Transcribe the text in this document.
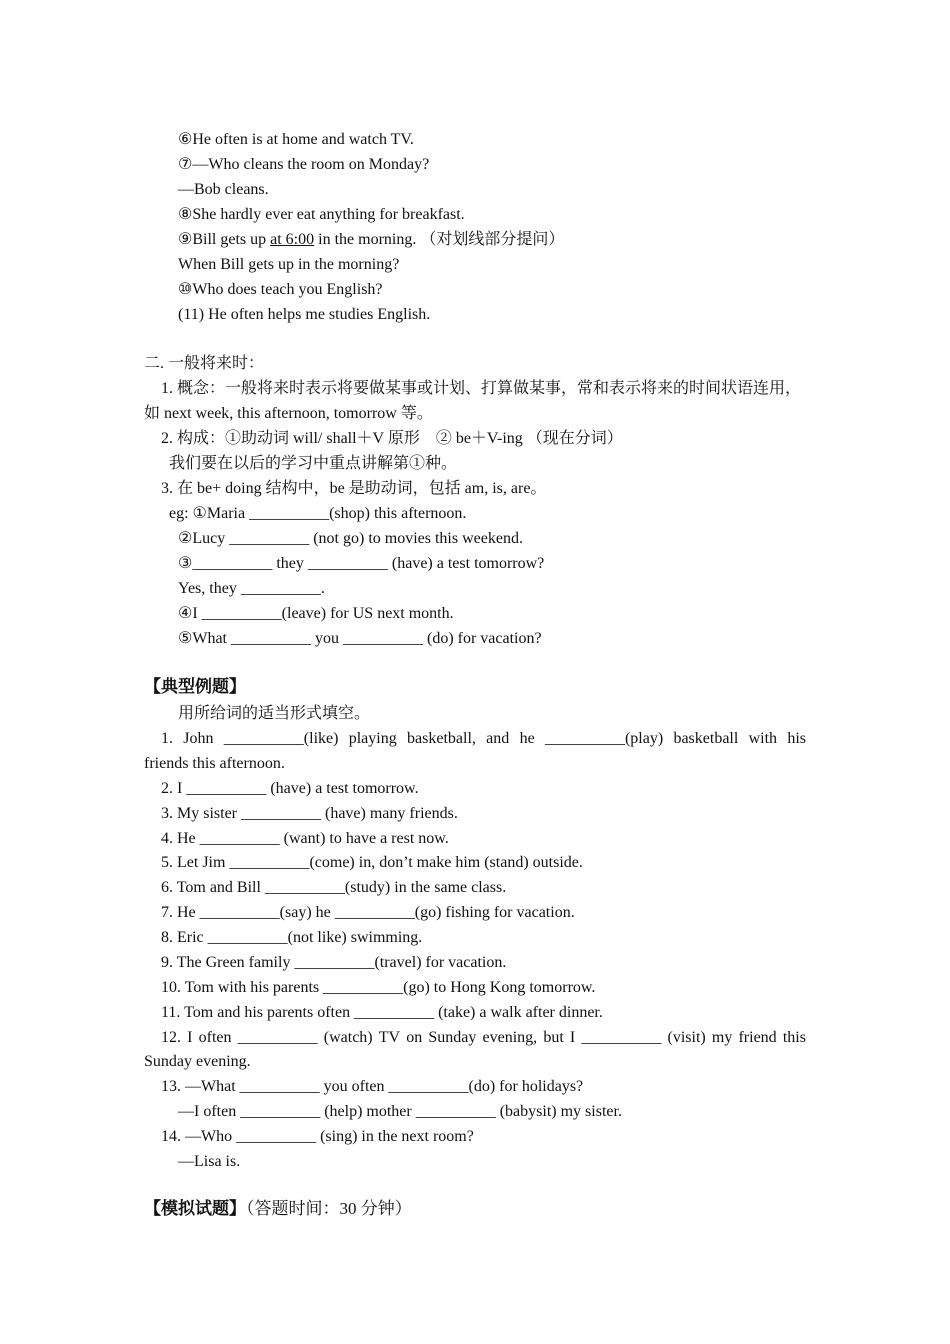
⑥He often is at home and watch TV.
⑦—Who cleans the room on Monday?
—Bob cleans.
⑧She hardly ever eat anything for breakfast.
⑨Bill gets up at 6:00 in the morning. （对划线部分提问）
When Bill gets up in the morning?
⑩Who does teach you English?
(11) He often helps me studies English.
二. 一般将来时：
1. 概念：一般将来时表示将要做某事或计划、打算做某事，常和表示将来的时间状语连用，
如 next week, this afternoon, tomorrow 等。
2. 构成：①助动词 will/ shall＋V 原形　② be＋V-ing （现在分词）
我们要在以后的学习中重点讲解第①种。
3. 在 be+ doing 结构中，be 是助动词，包括 am, is, are。
eg: ①Maria __________(shop) this afternoon.
②Lucy __________ (not go) to movies this weekend.
③__________ they __________ (have) a test tomorrow?
Yes, they __________.
④I __________(leave) for US next month.
⑤What __________ you __________ (do) for vacation?
【典型例题】
用所给词的适当形式填空。
1. John __________(like) playing basketball, and he __________(play) basketball with his
friends this afternoon.
2. I __________ (have) a test tomorrow.
3. My sister __________ (have) many friends.
4. He __________ (want) to have a rest now.
5. Let Jim __________(come) in, don’t make him (stand) outside.
6. Tom and Bill __________(study) in the same class.
7. He __________(say) he __________(go) fishing for vacation.
8. Eric __________(not like) swimming.
9. The Green family __________(travel) for vacation.
10. Tom with his parents __________(go) to Hong Kong tomorrow.
11. Tom and his parents often __________ (take) a walk after dinner.
12. I often __________ (watch) TV on Sunday evening, but I __________ (visit) my friend this
Sunday evening.
13. —What __________ you often __________(do) for holidays?
—I often __________ (help) mother __________ (babysit) my sister.
14. —Who __________ (sing) in the next room?
—Lisa is.
【模拟试题】（答题时间：30 分钟）
